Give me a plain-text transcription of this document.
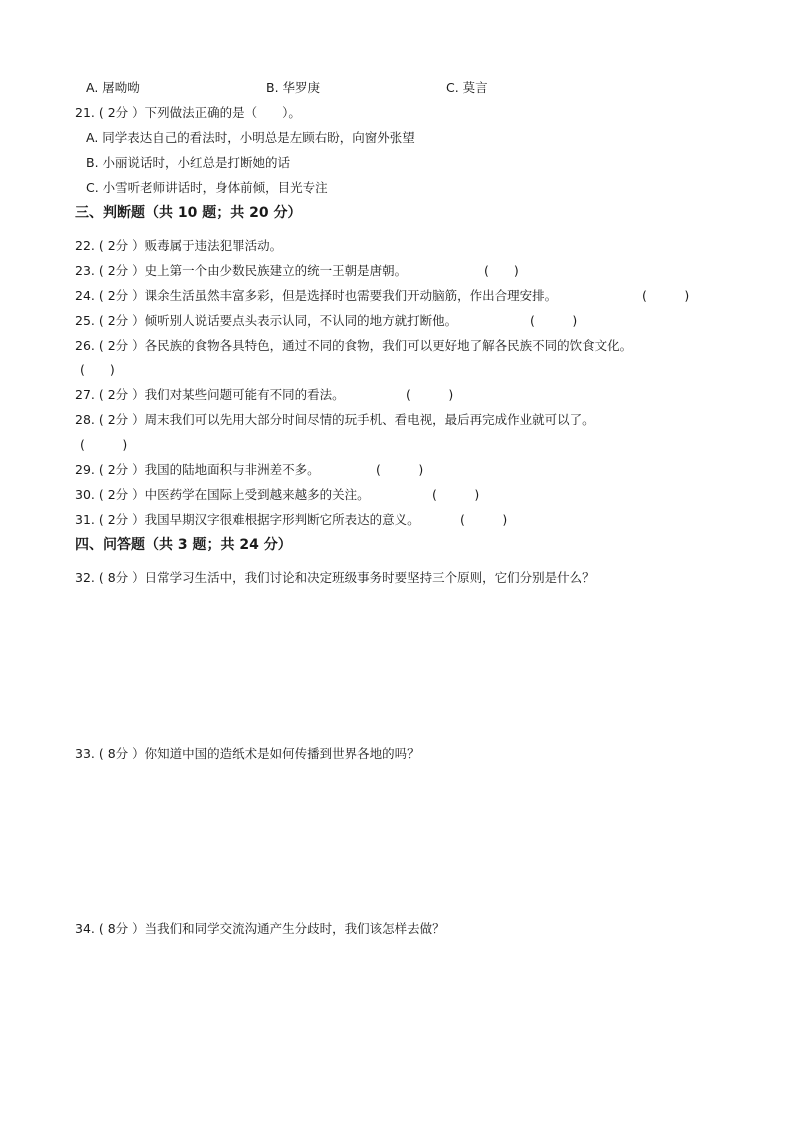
A. 屠呦呦	B. 华罗庚	C. 莫言
21. ( 2分 ）下列做法正确的是（　　）。
A. 同学表达自己的看法时，小明总是左顾右盼，向窗外张望
B. 小丽说话时，小红总是打断她的话
C. 小雪听老师讲话时，身体前倾，目光专注
三、判断题（共 10 题；共 20 分）
22. ( 2分 ）贩毒属于违法犯罪活动。
23. ( 2分 ）史上第一个由少数民族建立的统一王朝是唐朝。	(　　)
24. ( 2分 ）课余生活虽然丰富多彩，但是选择时也需要我们开动脑筋，作出合理安排。	(　　　)
25. ( 2分 ）倾听别人说话要点头表示认同，不认同的地方就打断他。	(　　　)
26. ( 2分 ）各民族的食物各具特色，通过不同的食物，我们可以更好地了解各民族不同的饮食文化。
(　　)
27. ( 2分 ）我们对某些问题可能有不同的看法。	(　　　)
28. ( 2分 ）周末我们可以先用大部分时间尽情的玩手机、看电视，最后再完成作业就可以了。
(　　　)
29. ( 2分 ）我国的陆地面积与非洲差不多。	(　　　)
30. ( 2分 ）中医药学在国际上受到越来越多的关注。	(　　　)
31. ( 2分 ）我国早期汉字很难根据字形判断它所表达的意义。	(　　　)
四、问答题（共 3 题；共 24 分）
32. ( 8分 ）日常学习生活中，我们讨论和决定班级事务时要坚持三个原则，它们分别是什么？
33. ( 8分 ）你知道中国的造纸术是如何传播到世界各地的吗？
34. ( 8分 ）当我们和同学交流沟通产生分歧时，我们该怎样去做？
